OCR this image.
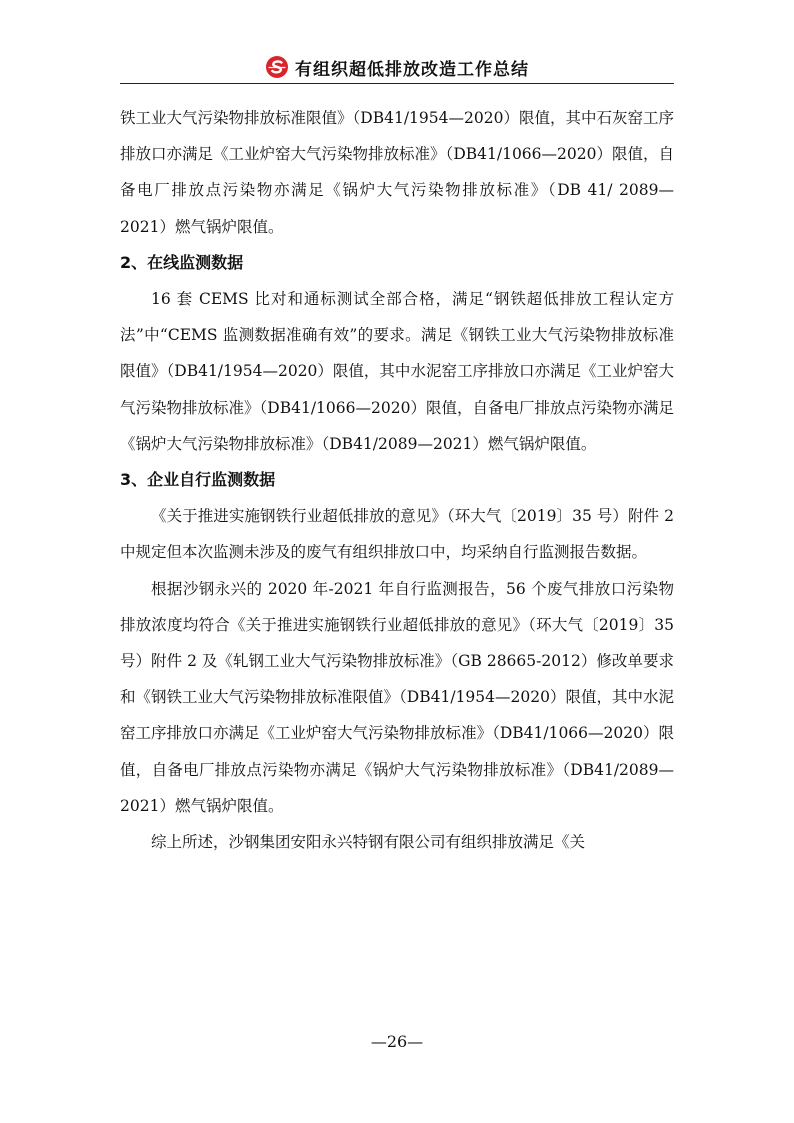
有组织超低排放改造工作总结

铁工业大气污染物排放标准限值》（DB41/1954—2020）限值，其中石灰窑工序排放口亦满足《工业炉窑大气污染物排放标准》（DB41/1066—2020）限值，自备电厂排放点污染物亦满足《锅炉大气污染物排放标准》（DB 41/ 2089—2021）燃气锅炉限值。

2、在线监测数据

16 套 CEMS 比对和通标测试全部合格，满足“钢铁超低排放工程认定方法”中“CEMS 监测数据准确有效”的要求。满足《钢铁工业大气污染物排放标准限值》（DB41/1954—2020）限值，其中水泥窑工序排放口亦满足《工业炉窑大气污染物排放标准》（DB41/1066—2020）限值，自备电厂排放点污染物亦满足《锅炉大气污染物排放标准》（DB41/2089—2021）燃气锅炉限值。

3、企业自行监测数据

《关于推进实施钢铁行业超低排放的意见》（环大气〔2019〕35 号）附件 2 中规定但本次监测未涉及的废气有组织排放口中，均采纳自行监测报告数据。

根据沙钢永兴的 2020 年-2021 年自行监测报告，56 个废气排放口污染物排放浓度均符合《关于推进实施钢铁行业超低排放的意见》（环大气〔2019〕35 号）附件 2 及《轧钢工业大气污染物排放标准》（GB 28665-2012）修改单要求和《钢铁工业大气污染物排放标准限值》（DB41/1954—2020）限值，其中水泥窑工序排放口亦满足《工业炉窑大气污染物排放标准》（DB41/1066—2020）限值，自备电厂排放点污染物亦满足《锅炉大气污染物排放标准》（DB41/2089—2021）燃气锅炉限值。

综上所述，沙钢集团安阳永兴特钢有限公司有组织排放满足《关

—26—
